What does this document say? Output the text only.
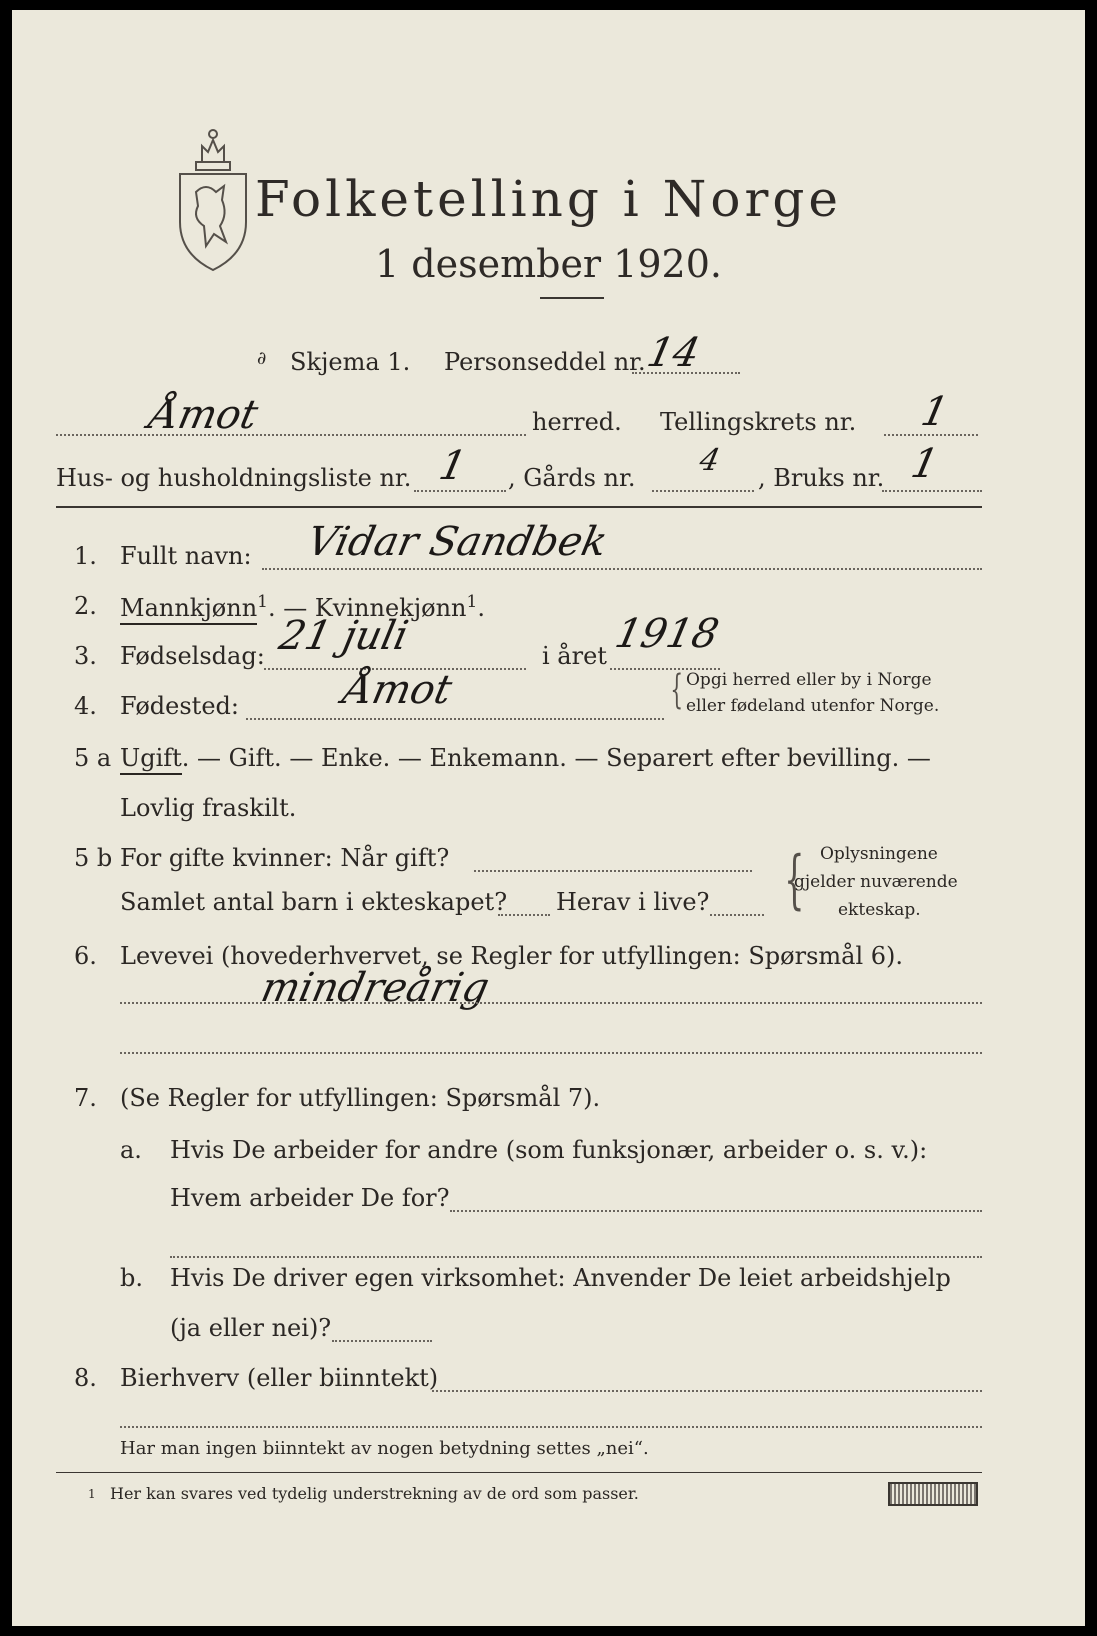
Folketelling i Norge
1 desember 1920.
∂ Skjema 1. Personseddel nr.
14
Åmot	herred. Tellingskrets nr. 1
Hus- og husholdningsliste nr. 1 , Gårds nr. 4 , Bruks nr. 1
1. Fullt navn: Vidar Sandbek
2. Mannkjønn$^1$. — Kvinnekjønn$^1$.
3. Fødselsdag: 21 juli	i året 1918
4. Fødested:	Åmot	{ Opgi herred eller by i Norge
eller fødeland utenfor Norge.
5 a Ugift. — Gift. — Enke. — Enkemann. — Separert efter bevilling. —
Lovlig fraskilt.
5 b For gifte kvinner: Når gift?
Samlet antal barn i ekteskapet? Herav i live? { Oplysningene
gjelder nuværende
ekteskap.
6. Levevei (hovederhvervet, se Regler for utfyllingen: Spørsmål 6).
mindreårig
7. (Se Regler for utfyllingen: Spørsmål 7).
a. Hvis De arbeider for andre (som funksjonær, arbeider o. s. v.):
Hvem arbeider De for?
b. Hvis De driver egen virksomhet: Anvender De leiet arbeidshjelp
(ja eller nei)?
8. Bierhverv (eller biinntekt)
Har man ingen biinntekt av nogen betydning settes „nei“.
1 Her kan svares ved tydelig understrekning av de ord som passer.
